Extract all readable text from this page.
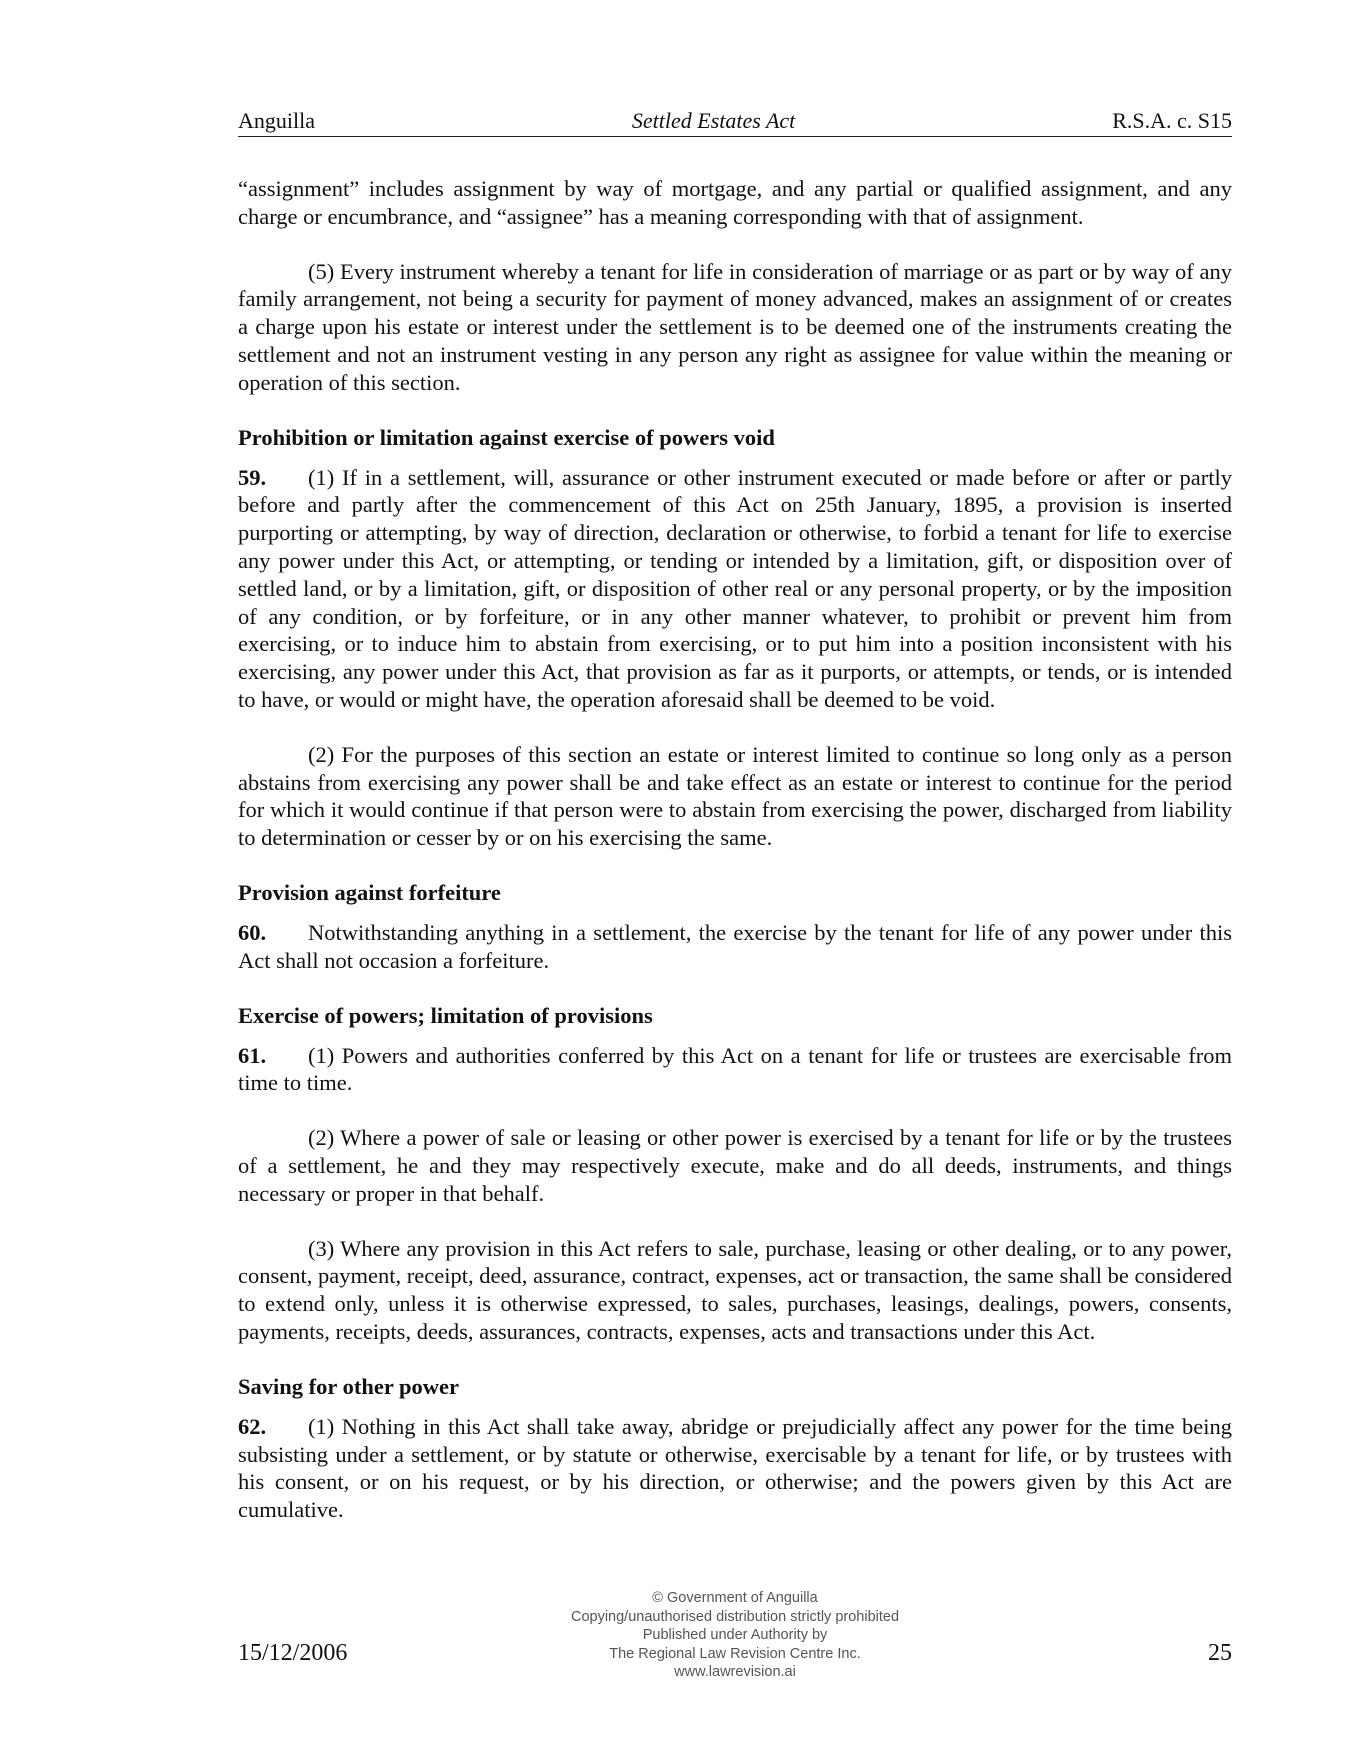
Anguilla	Settled Estates Act	R.S.A. c. S15

“assignment” includes assignment by way of mortgage, and any partial or qualified assignment, and any charge or encumbrance, and “assignee” has a meaning corresponding with that of assignment.

(5) Every instrument whereby a tenant for life in consideration of marriage or as part or by way of any family arrangement, not being a security for payment of money advanced, makes an assignment of or creates a charge upon his estate or interest under the settlement is to be deemed one of the instruments creating the settlement and not an instrument vesting in any person any right as assignee for value within the meaning or operation of this section.

Prohibition or limitation against exercise of powers void

59. (1) If in a settlement, will, assurance or other instrument executed or made before or after or partly before and partly after the commencement of this Act on 25th January, 1895, a provision is inserted purporting or attempting, by way of direction, declaration or otherwise, to forbid a tenant for life to exercise any power under this Act, or attempting, or tending or intended by a limitation, gift, or disposition over of settled land, or by a limitation, gift, or disposition of other real or any personal property, or by the imposition of any condition, or by forfeiture, or in any other manner whatever, to prohibit or prevent him from exercising, or to induce him to abstain from exercising, or to put him into a position inconsistent with his exercising, any power under this Act, that provision as far as it purports, or attempts, or tends, or is intended to have, or would or might have, the operation aforesaid shall be deemed to be void.

(2) For the purposes of this section an estate or interest limited to continue so long only as a person abstains from exercising any power shall be and take effect as an estate or interest to continue for the period for which it would continue if that person were to abstain from exercising the power, discharged from liability to determination or cesser by or on his exercising the same.

Provision against forfeiture

60. Notwithstanding anything in a settlement, the exercise by the tenant for life of any power under this Act shall not occasion a forfeiture.

Exercise of powers; limitation of provisions

61. (1) Powers and authorities conferred by this Act on a tenant for life or trustees are exercisable from time to time.

(2) Where a power of sale or leasing or other power is exercised by a tenant for life or by the trustees of a settlement, he and they may respectively execute, make and do all deeds, instruments, and things necessary or proper in that behalf.

(3) Where any provision in this Act refers to sale, purchase, leasing or other dealing, or to any power, consent, payment, receipt, deed, assurance, contract, expenses, act or transaction, the same shall be considered to extend only, unless it is otherwise expressed, to sales, purchases, leasings, dealings, powers, consents, payments, receipts, deeds, assurances, contracts, expenses, acts and transactions under this Act.

Saving for other power

62. (1) Nothing in this Act shall take away, abridge or prejudicially affect any power for the time being subsisting under a settlement, or by statute or otherwise, exercisable by a tenant for life, or by trustees with his consent, or on his request, or by his direction, or otherwise; and the powers given by this Act are cumulative.

15/12/2006
© Government of Anguilla
Copying/unauthorised distribution strictly prohibited
Published under Authority by
The Regional Law Revision Centre Inc.
www.lawrevision.ai
25
